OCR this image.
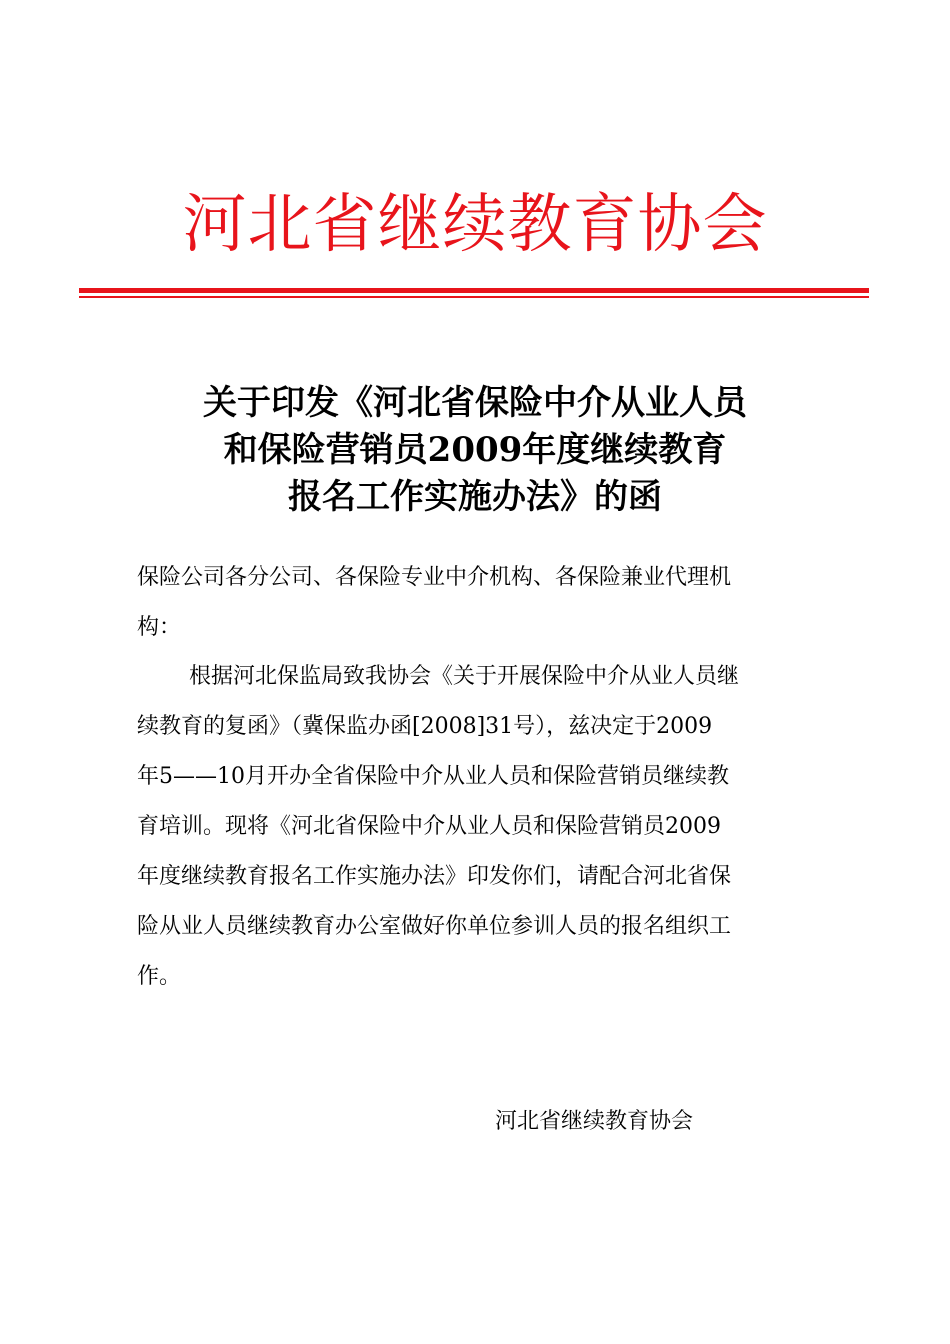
河北省继续教育协会
关于印发《河北省保险中介从业人员
和保险营销员2009年度继续教育
报名工作实施办法》的函
保险公司各分公司、各保险专业中介机构、各保险兼业代理机
构：
根据河北保监局致我协会《关于开展保险中介从业人员继
续教育的复函》（冀保监办函[2008]31号），兹决定于2009
年5——10月开办全省保险中介从业人员和保险营销员继续教
育培训。现将《河北省保险中介从业人员和保险营销员2009
年度继续教育报名工作实施办法》印发你们，请配合河北省保
险从业人员继续教育办公室做好你单位参训人员的报名组织工
作。
河北省继续教育协会
